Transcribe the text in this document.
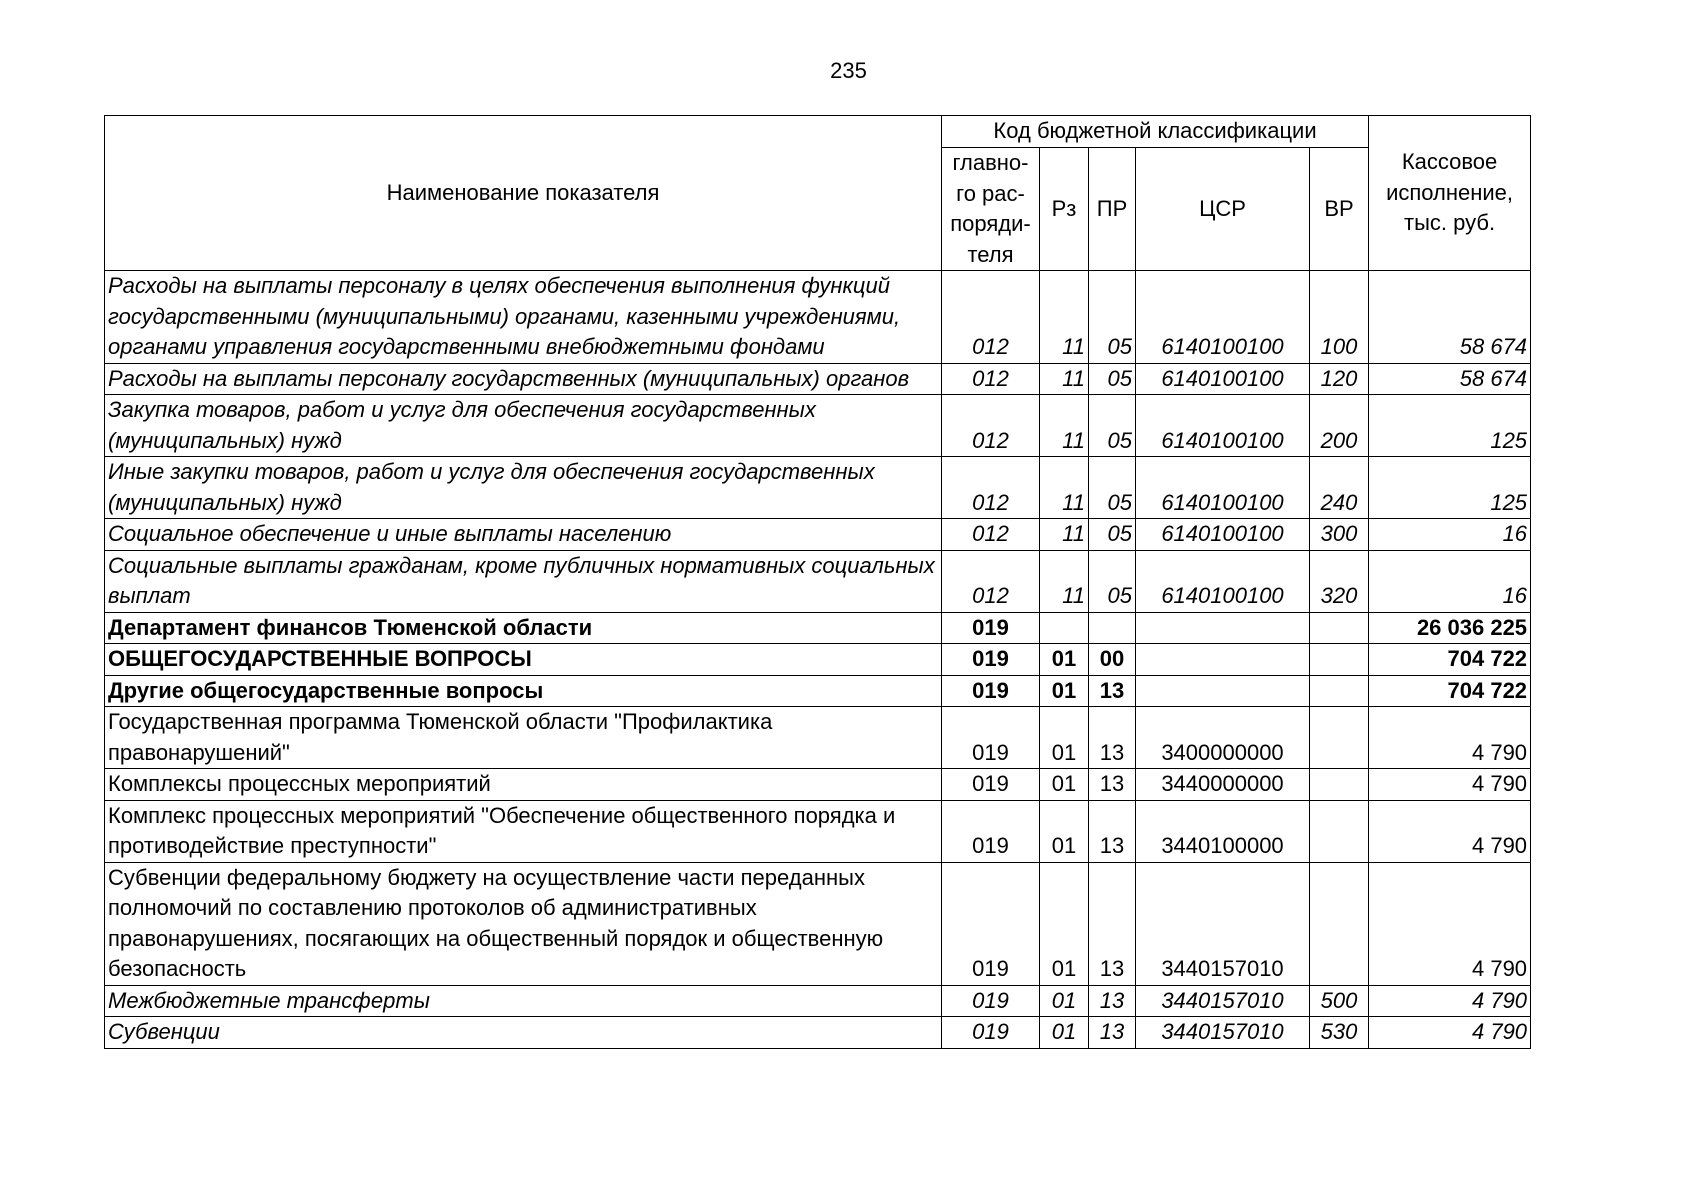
235
Наименование показателя	Код бюджетной классификации					Кассовое
исполнение,
тыс. руб.

	главно-
го рас-
поряди-
теля	Рз	ПР	ЦСР	ВР	
Расходы на выплаты персоналу в целях обеспечения выполнения функций государственными (муниципальными) органами, казенными учреждениями, органами управления государственными внебюджетными фондами	012	11	05	6140100100	100	58 674
Расходы на выплаты персоналу государственных (муниципальных) органов	012	11	05	6140100100	120	58 674
Закупка товаров, работ и услуг для обеспечения государственных (муниципальных) нужд	012	11	05	6140100100	200	125
Иные закупки товаров, работ и услуг для обеспечения государственных (муниципальных) нужд	012	11	05	6140100100	240	125
Социальное обеспечение и иные выплаты населению	012	11	05	6140100100	300	16
Социальные выплаты гражданам, кроме публичных нормативных социальных выплат	012	11	05	6140100100	320	16
Департамент финансов Тюменской области	019					26 036 225
ОБЩЕГОСУДАРСТВЕННЫЕ ВОПРОСЫ	019	01	00			704 722
Другие общегосударственные вопросы	019	01	13			704 722
Государственная программа Тюменской области "Профилактика правонарушений"	019	01	13	3400000000		4 790
Комплексы процессных мероприятий	019	01	13	3440000000		4 790
Комплекс процессных мероприятий "Обеспечение общественного порядка и противодействие преступности"	019	01	13	3440100000		4 790
Субвенции федеральному бюджету на осуществление части переданных полномочий по составлению протоколов об административных правонарушениях, посягающих на общественный порядок и общественную безопасность	019	01	13	3440157010		4 790
Межбюджетные трансферты	019	01	13	3440157010	500	4 790
Субвенции	019	01	13	3440157010	530	4 790
